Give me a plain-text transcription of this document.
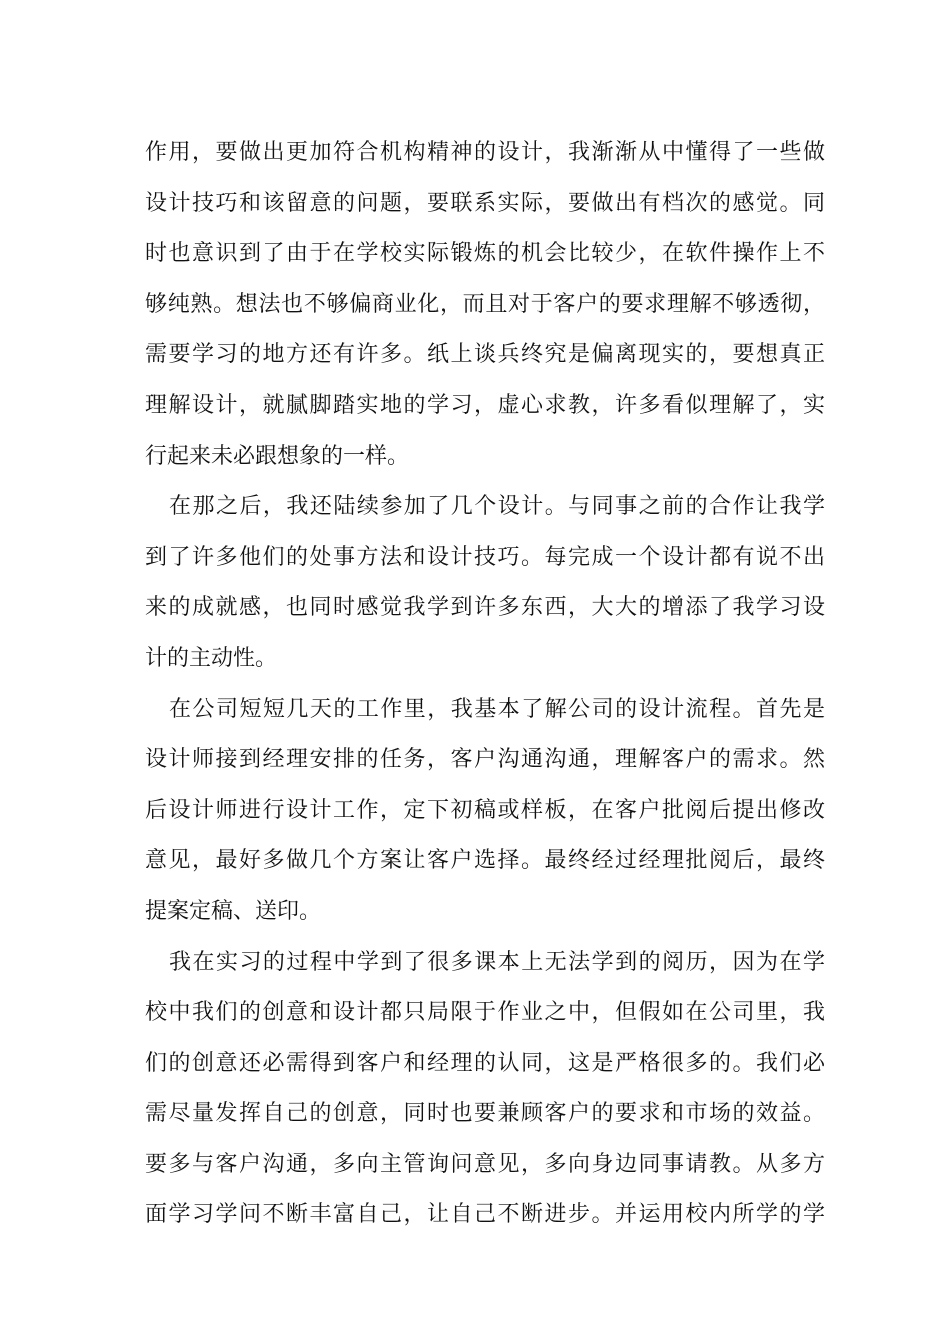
作用，要做出更加符合机构精神的设计，我渐渐从中懂得了一些做
设计技巧和该留意的问题，要联系实际，要做出有档次的感觉。同
时也意识到了由于在学校实际锻炼的机会比较少，在软件操作上不
够纯熟。想法也不够偏商业化，而且对于客户的要求理解不够透彻，
需要学习的地方还有许多。纸上谈兵终究是偏离现实的，要想真正
理解设计，就腻脚踏实地的学习，虚心求教，许多看似理解了，实
行起来未必跟想象的一样。
在那之后，我还陆续参加了几个设计。与同事之前的合作让我学
到了许多他们的处事方法和设计技巧。每完成一个设计都有说不出
来的成就感，也同时感觉我学到许多东西，大大的增添了我学习设
计的主动性。
在公司短短几天的工作里，我基本了解公司的设计流程。首先是
设计师接到经理安排的任务，客户沟通沟通，理解客户的需求。然
后设计师进行设计工作，定下初稿或样板，在客户批阅后提出修改
意见，最好多做几个方案让客户选择。最终经过经理批阅后，最终
提案定稿、送印。
我在实习的过程中学到了很多课本上无法学到的阅历，因为在学
校中我们的创意和设计都只局限于作业之中，但假如在公司里，我
们的创意还必需得到客户和经理的认同，这是严格很多的。我们必
需尽量发挥自己的创意，同时也要兼顾客户的要求和市场的效益。
要多与客户沟通，多向主管询问意见，多向身边同事请教。从多方
面学习学问不断丰富自己，让自己不断进步。并运用校内所学的学
